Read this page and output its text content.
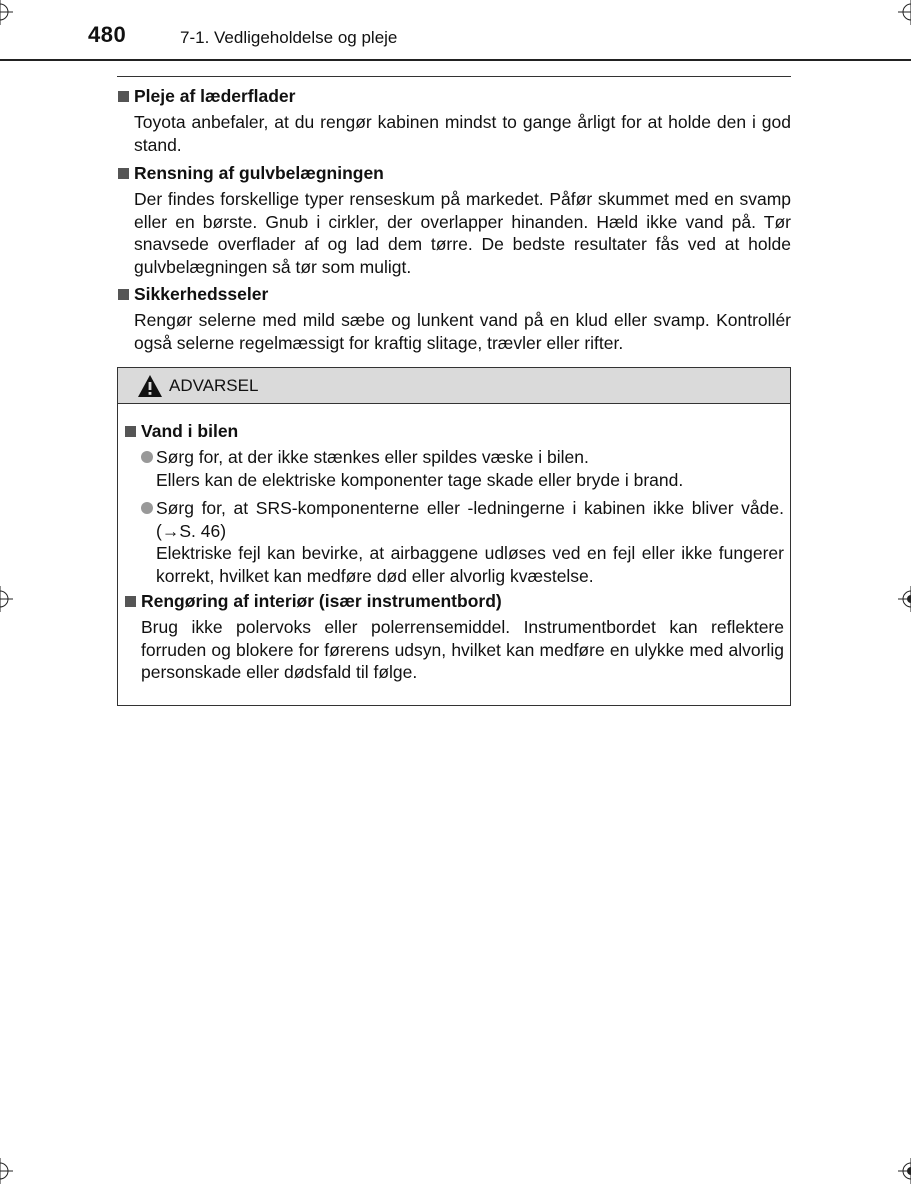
480	7-1. Vedligeholdelse og pleje
Pleje af læderflader
Toyota anbefaler, at du rengør kabinen mindst to gange årligt for at holde den i god stand.
Rensning af gulvbelægningen
Der findes forskellige typer renseskum på markedet. Påfør skummet med en svamp eller en børste. Gnub i cirkler, der overlapper hinanden. Hæld ikke vand på. Tør snavsede overflader af og lad dem tørre. De bedste resultater fås ved at holde gulvbelægningen så tør som muligt.
Sikkerhedsseler
Rengør selerne med mild sæbe og lunkent vand på en klud eller svamp. Kontrollér også selerne regelmæssigt for kraftig slitage, trævler eller rifter.
ADVARSEL
Vand i bilen

Sørg for, at der ikke stænkes eller spildes væske i bilen.

Ellers kan de elektriske komponenter tage skade eller bryde i brand.

Sørg for, at SRS-komponenterne eller -ledningerne i kabinen ikke bliver våde. (→S. 46)

Elektriske fejl kan bevirke, at airbaggene udløses ved en fejl eller ikke fungerer korrekt, hvilket kan medføre død eller alvorlig kvæstelse.

Rengøring af interiør (især instrumentbord)
Brug ikke polervoks eller polerrensemiddel. Instrumentbordet kan reflektere forruden og blokere for førerens udsyn, hvilket kan medføre en ulykke med alvorlig personskade eller dødsfald til følge.
